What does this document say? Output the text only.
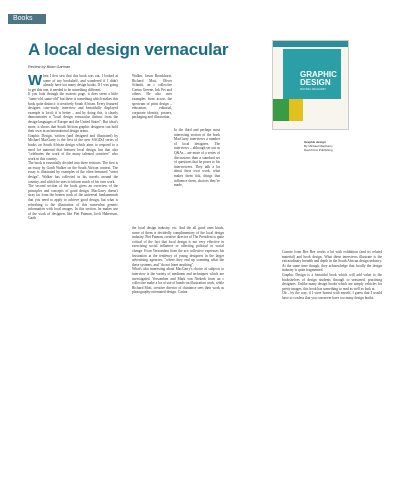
Books
A local design vernacular
Review by Brian Garman

When I first saw that this book was out, I looked at some of my bookshelf, and wondered if I didn't already have too many design books. If I was going to get this one, it needed to be something different.

If you look through the esoteric page, it does seem a little "same-old, same-old" but there is something which makes this book quite distinct: it creatively South African. Every featured designer, case-study, interview and beautifully displayed example is local; it is better – and by doing this, it clearly demonstrates a "local design vernacular distinct from the design languages of Europe and the United States". But what's more, it shows that South African graphic designers can hold their own in an international design arena.

Graphic Design, written (and designed and illustrated) by Michael MacGarry is the first of the new SAGDsI series of books on South African design which aims to respond to a need for material that features local design, but that also "celebrates the work of the many talented creatives" who work in this country.

The book is essentially divided into three sections. The first is an essay by Garth Walker on the South African context. The essay is illustrated by examples of the often bemused "street design". Walker has collected in his travels around the country, and which he uses to inform much of his own work.

The second section of the book gives an overview of the principles and concepts of good design. MacGarry doesn't stray far from the beaten track of the universal fundamentals that you need to apply to achieve good design, but what is refreshing is the illustration of this somewhat generic information with local images. In this section, he makes use of the work of designers like Piet Paiman, Joeli Habertson, Garth

Walker, Jason Bronkhorst, Richard Mott, Oliver Schmitt, an c collective Carina Greene, Ink Pet and others. He also uses examples from across the spectrum of print design – education, editorial, corporate identity, posters, packaging and illustration.

In the third and perhaps most interesting section of the book MacGarry interviews a number of local designers. The interviews – although set out as Q&As – are more of a series of discussions than a standard set of questions that he poses to his interviewees. They talk a lot about their own work, what makes them tick, things that influence them, choices they've made,

the local design industry, etc. And the all good ones kinds, some of them is decidedly complimentary of the local design industry. Piet Paiman, creative director of The President is quite critical of the fact that local design is not very effective in exercising social influence or affecting political or social change. Evan Versomben from the ace collective expresses his frustration at the tendency of young designers in the larger advertising agencies, "where they end up scanning what the these systems, and "do not learn anything".

What's also interesting about MacGarry's choice of subjects to interview is the variety of mediums and techniques which are investigated. Versomben and Mark van Niekerk from an c collective make a lot of use of hands-on illustration work, while Richard Mott, creative director of cluntance sees their work as photography-orientated design. Carina

GRAPHIC
DESIGN
MICHAEL MACGARRY
Graphic design
By Michael MacGarry
David Krut Publishing

Comrie from Bee Bee works a lot with exhibition (and its related material) and book design. What these interviews illustrate is the extraordinary breadth and depth in the South African design industry. At the same time though, they acknowledge that locally the design industry is quite fragmented.

Graphic Design is a beautiful book which will add value to the bookshelves of design students through to seasoned, practising designers. Unlike many design books which are simply vehicles for pretty images, this book has something to read as well as look at.

Oh – by the way, if I were honest with myself, I guess that I would have to confess that you can never have too many design books.
